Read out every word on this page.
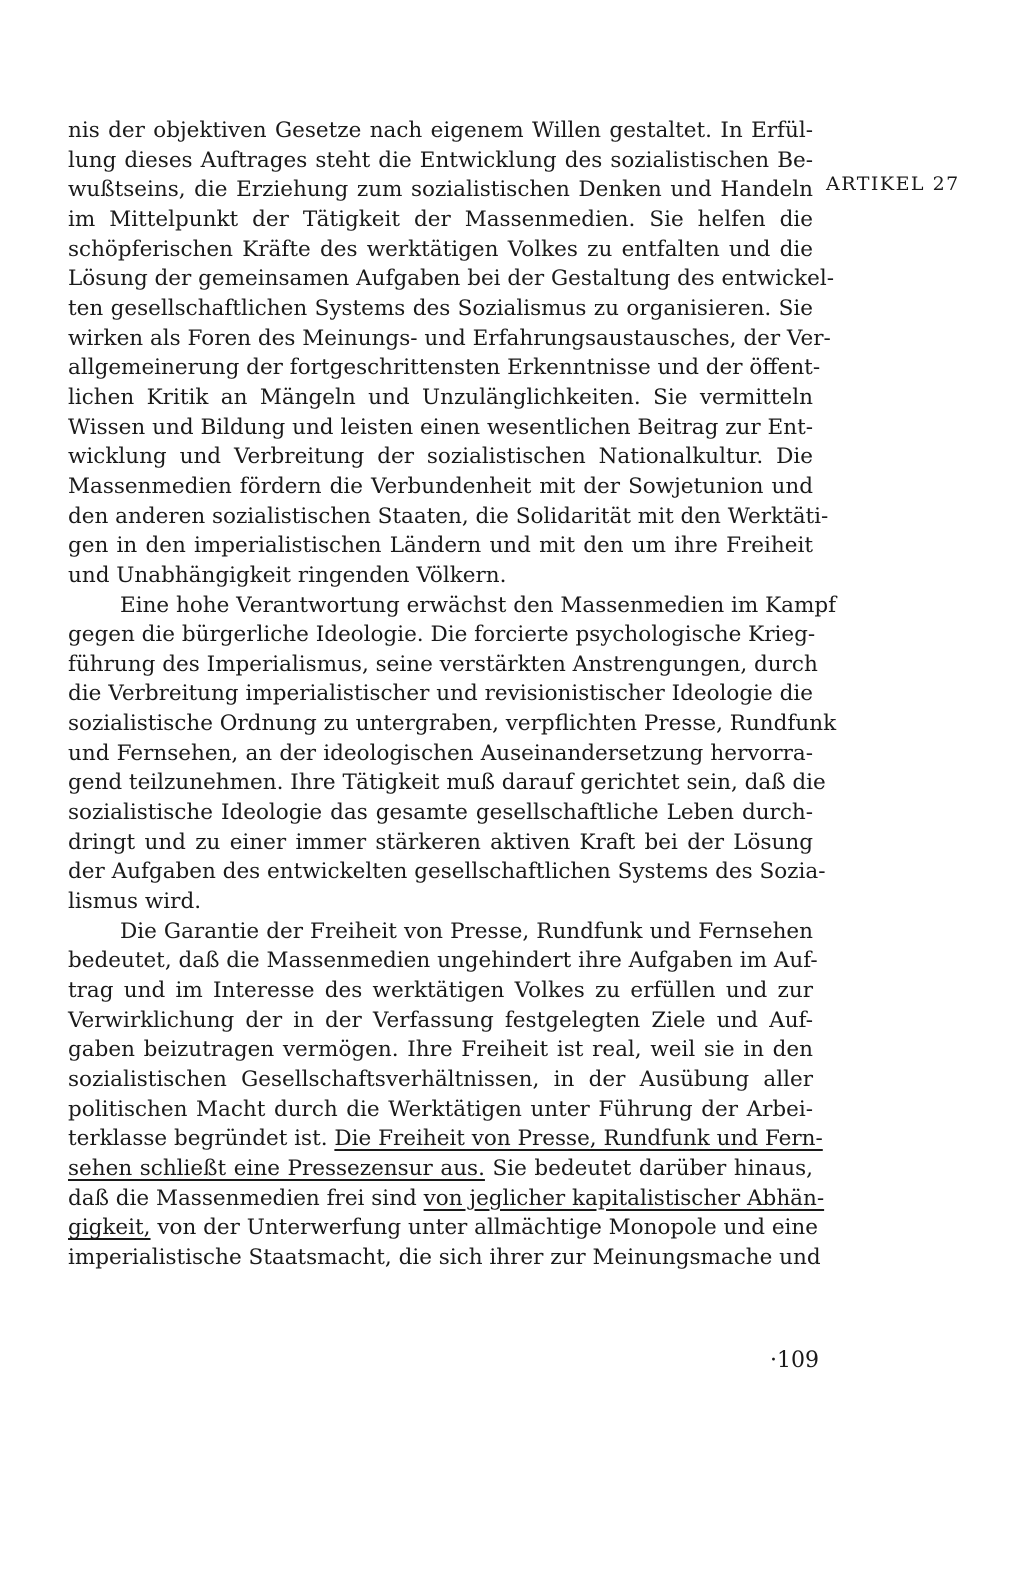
nis der objektiven Gesetze nach eigenem Willen gestaltet. In Erfül-
lung dieses Auftrages steht die Entwicklung des sozialistischen Be-
wußtseins, die Erziehung zum sozialistischen Denken und Handeln
im Mittelpunkt der Tätigkeit der Massenmedien. Sie helfen die
schöpferischen Kräfte des werktätigen Volkes zu entfalten und die
Lösung der gemeinsamen Aufgaben bei der Gestaltung des entwickel-
ten gesellschaftlichen Systems des Sozialismus zu organisieren. Sie
wirken als Foren des Meinungs- und Erfahrungsaustausches, der Ver-
allgemeinerung der fortgeschrittensten Erkenntnisse und der öffent-
lichen Kritik an Mängeln und Unzulänglichkeiten. Sie vermitteln
Wissen und Bildung und leisten einen wesentlichen Beitrag zur Ent-
wicklung und Verbreitung der sozialistischen Nationalkultur. Die
Massenmedien fördern die Verbundenheit mit der Sowjetunion und
den anderen sozialistischen Staaten, die Solidarität mit den Werktäti-
gen in den imperialistischen Ländern und mit den um ihre Freiheit
und Unabhängigkeit ringenden Völkern.
Eine hohe Verantwortung erwächst den Massenmedien im Kampf
gegen die bürgerliche Ideologie. Die forcierte psychologische Krieg-
führung des Imperialismus, seine verstärkten Anstrengungen, durch
die Verbreitung imperialistischer und revisionistischer Ideologie die
sozialistische Ordnung zu untergraben, verpflichten Presse, Rundfunk
und Fernsehen, an der ideologischen Auseinandersetzung hervorra-
gend teilzunehmen. Ihre Tätigkeit muß darauf gerichtet sein, daß die
sozialistische Ideologie das gesamte gesellschaftliche Leben durch-
dringt und zu einer immer stärkeren aktiven Kraft bei der Lösung
der Aufgaben des entwickelten gesellschaftlichen Systems des Sozia-
lismus wird.
Die Garantie der Freiheit von Presse, Rundfunk und Fernsehen
bedeutet, daß die Massenmedien ungehindert ihre Aufgaben im Auf-
trag und im Interesse des werktätigen Volkes zu erfüllen und zur
Verwirklichung der in der Verfassung festgelegten Ziele und Auf-
gaben beizutragen vermögen. Ihre Freiheit ist real, weil sie in den
sozialistischen Gesellschaftsverhältnissen, in der Ausübung aller
politischen Macht durch die Werktätigen unter Führung der Arbei-
terklasse begründet ist. Die Freiheit von Presse, Rundfunk und Fern-
sehen schließt eine Pressezensur aus. Sie bedeutet darüber hinaus,
daß die Massenmedien frei sind von jeglicher kapitalistischer Abhän-
gigkeit, von der Unterwerfung unter allmächtige Monopole und eine
imperialistische Staatsmacht, die sich ihrer zur Meinungsmache und
ARTIKEL 27
·109
